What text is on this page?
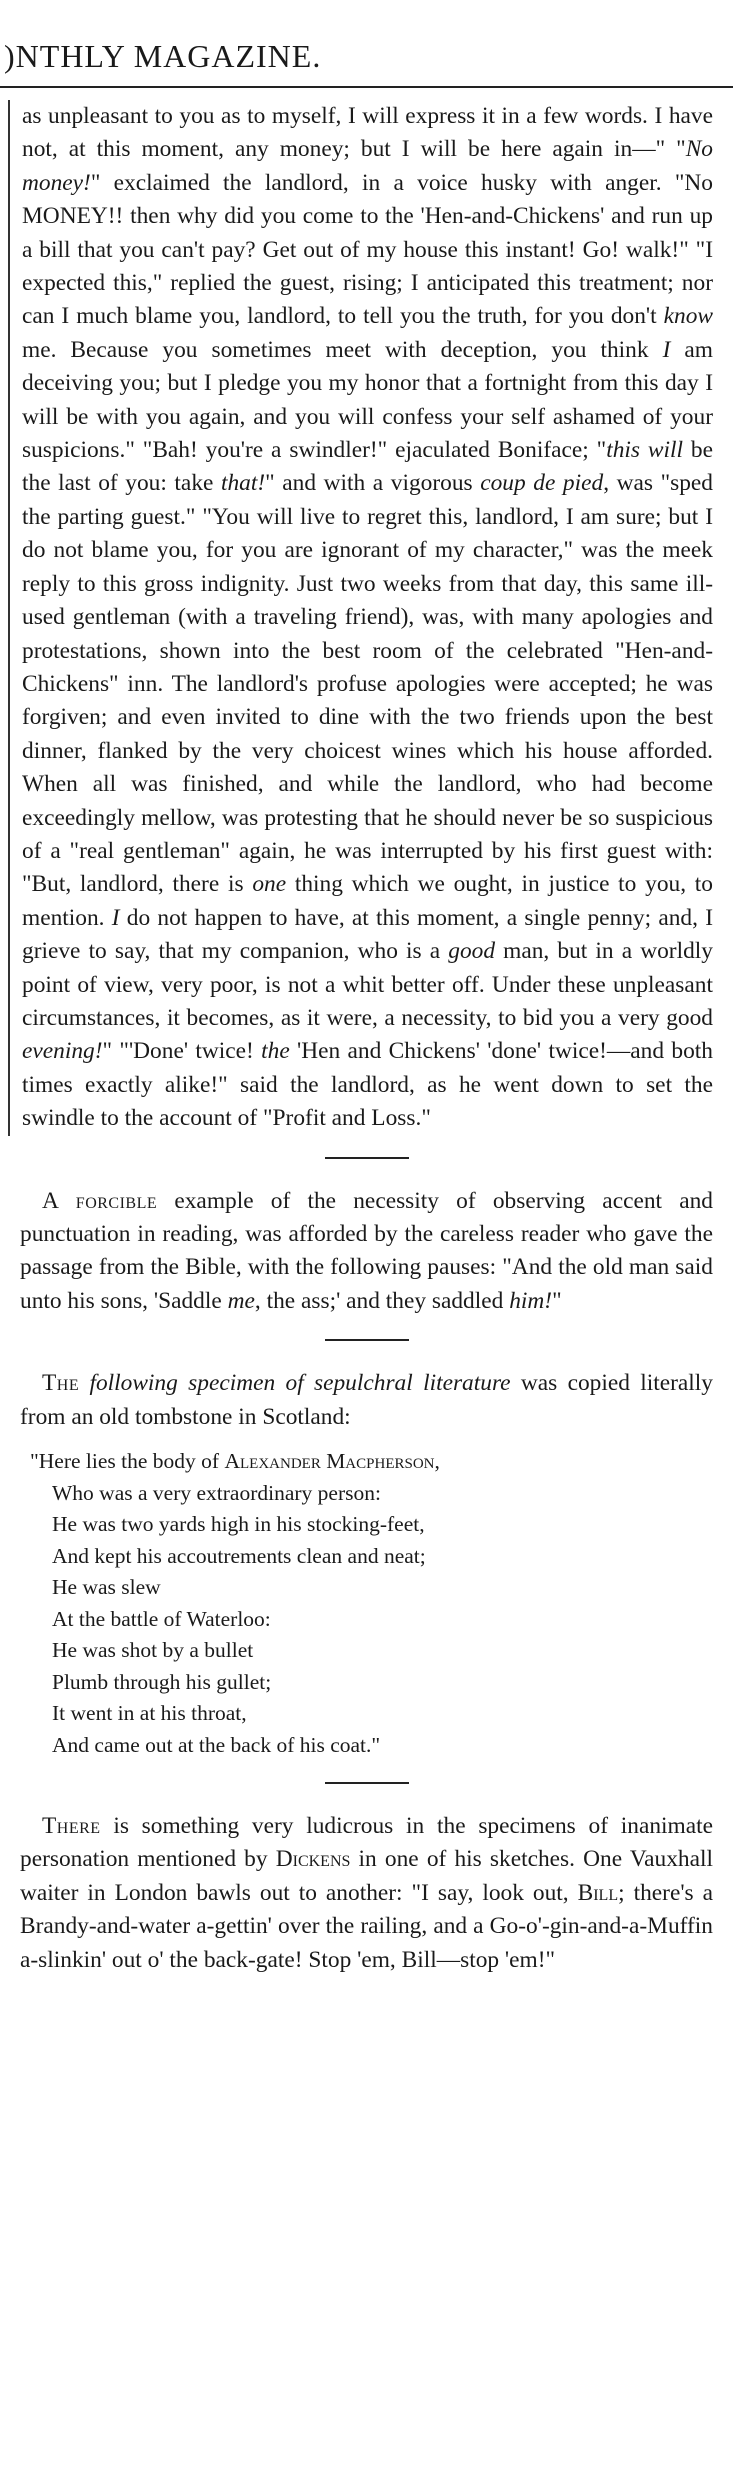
)NTHLY MAGAZINE.

as unpleasant to you as to myself, I will express it in a few words. I have not, at this moment, any money; but I will be here again in—" "No money!" exclaimed the landlord, in a voice husky with anger. "No MONEY!! then why did you come to the 'Hen-and-Chickens' and run up a bill that you can't pay? Get out of my house this instant! Go! walk!" "I expected this," replied the guest, rising; I anticipated this treatment; nor can I much blame you, landlord, to tell you the truth, for you don't know me. Because you sometimes meet with deception, you think I am deceiving you; but I pledge you my honor that a fortnight from this day I will be with you again, and you will confess your self ashamed of your suspicions." "Bah! you're a swindler!" ejaculated Boniface; "this will be the last of you: take that!" and with a vigorous coup de pied, was "sped the parting guest." "You will live to regret this, landlord, I am sure; but I do not blame you, for you are ignorant of my character," was the meek reply to this gross indignity. Just two weeks from that day, this same ill-used gentleman (with a traveling friend), was, with many apologies and protestations, shown into the best room of the celebrated "Hen-and-Chickens" inn. The landlord's profuse apologies were accepted; he was forgiven; and even invited to dine with the two friends upon the best dinner, flanked by the very choicest wines which his house afforded. When all was finished, and while the landlord, who had become exceedingly mellow, was protesting that he should never be so suspicious of a "real gentleman" again, he was interrupted by his first guest with: "But, landlord, there is one thing which we ought, in justice to you, to mention. I do not happen to have, at this moment, a single penny; and, I grieve to say, that my companion, who is a good man, but in a worldly point of view, very poor, is not a whit better off. Under these unpleasant circumstances, it becomes, as it were, a necessity, to bid you a very good evening!" "'Done' twice! the 'Hen and Chickens' 'done' twice!—and both times exactly alike!" said the landlord, as he went down to set the swindle to the account of "Profit and Loss."

A forcible example of the necessity of observing accent and punctuation in reading, was afforded by the careless reader who gave the passage from the Bible, with the following pauses: "And the old man said unto his sons, 'Saddle me, the ass;' and they saddled him!"

The following specimen of sepulchral literature was copied literally from an old tombstone in Scotland:

"Here lies the body of Alexander Macpherson,
Who was a very extraordinary person:
He was two yards high in his stocking-feet,
And kept his accoutrements clean and neat;
He was slew
At the battle of Waterloo:
He was shot by a bullet
Plumb through his gullet;
It went in at his throat,
And came out at the back of his coat."

There is something very ludicrous in the specimens of inanimate personation mentioned by Dickens in one of his sketches. One Vauxhall waiter in London bawls out to another: "I say, look out, Bill; there's a Brandy-and-water a-gettin' over the railing, and a Go-o'-gin-and-a-Muffin a-slinkin' out o' the back-gate! Stop 'em, Bill—stop 'em!"
